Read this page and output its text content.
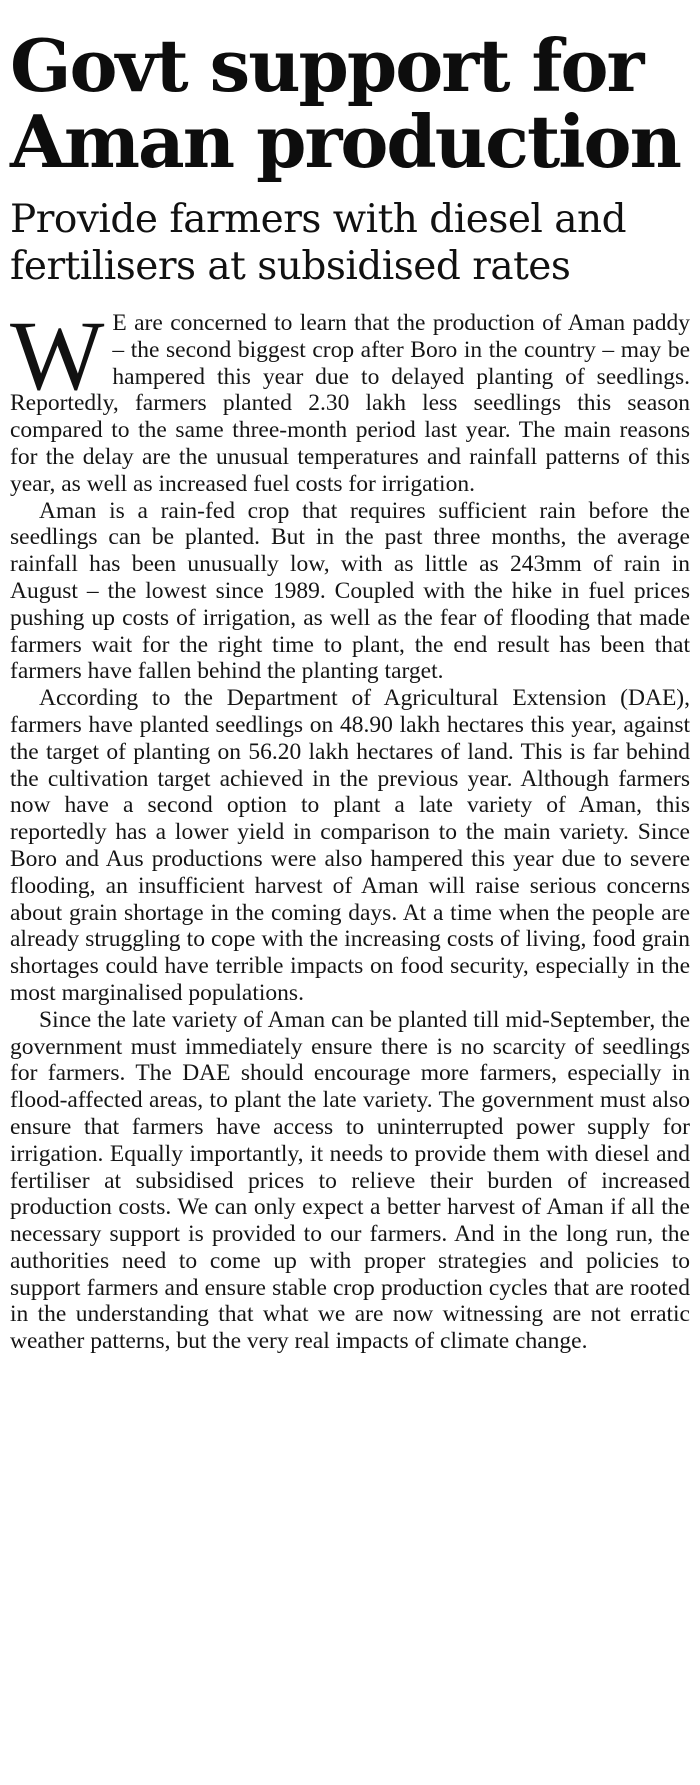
Govt support for Aman production
Provide farmers with diesel and fertilisers at subsidised rates

W E are concerned to learn that the production of Aman paddy – the second biggest crop after Boro in the country – may be hampered this year due to delayed planting of seedlings. Reportedly, farmers planted 2.30 lakh less seedlings this season compared to the same three-month period last year. The main reasons for the delay are the unusual temperatures and rainfall patterns of this year, as well as increased fuel costs for irrigation.

Aman is a rain-fed crop that requires sufficient rain before the seedlings can be planted. But in the past three months, the average rainfall has been unusually low, with as little as 243mm of rain in August – the lowest since 1989. Coupled with the hike in fuel prices pushing up costs of irrigation, as well as the fear of flooding that made farmers wait for the right time to plant, the end result has been that farmers have fallen behind the planting target.

According to the Department of Agricultural Extension (DAE), farmers have planted seedlings on 48.90 lakh hectares this year, against the target of planting on 56.20 lakh hectares of land. This is far behind the cultivation target achieved in the previous year. Although farmers now have a second option to plant a late variety of Aman, this reportedly has a lower yield in comparison to the main variety. Since Boro and Aus productions were also hampered this year due to severe flooding, an insufficient harvest of Aman will raise serious concerns about grain shortage in the coming days. At a time when the people are already struggling to cope with the increasing costs of living, food grain shortages could have terrible impacts on food security, especially in the most marginalised populations.

Since the late variety of Aman can be planted till mid-September, the government must immediately ensure there is no scarcity of seedlings for farmers. The DAE should encourage more farmers, especially in flood-affected areas, to plant the late variety. The government must also ensure that farmers have access to uninterrupted power supply for irrigation. Equally importantly, it needs to provide them with diesel and fertiliser at subsidised prices to relieve their burden of increased production costs. We can only expect a better harvest of Aman if all the necessary support is provided to our farmers. And in the long run, the authorities need to come up with proper strategies and policies to support farmers and ensure stable crop production cycles that are rooted in the understanding that what we are now witnessing are not erratic weather patterns, but the very real impacts of climate change.
